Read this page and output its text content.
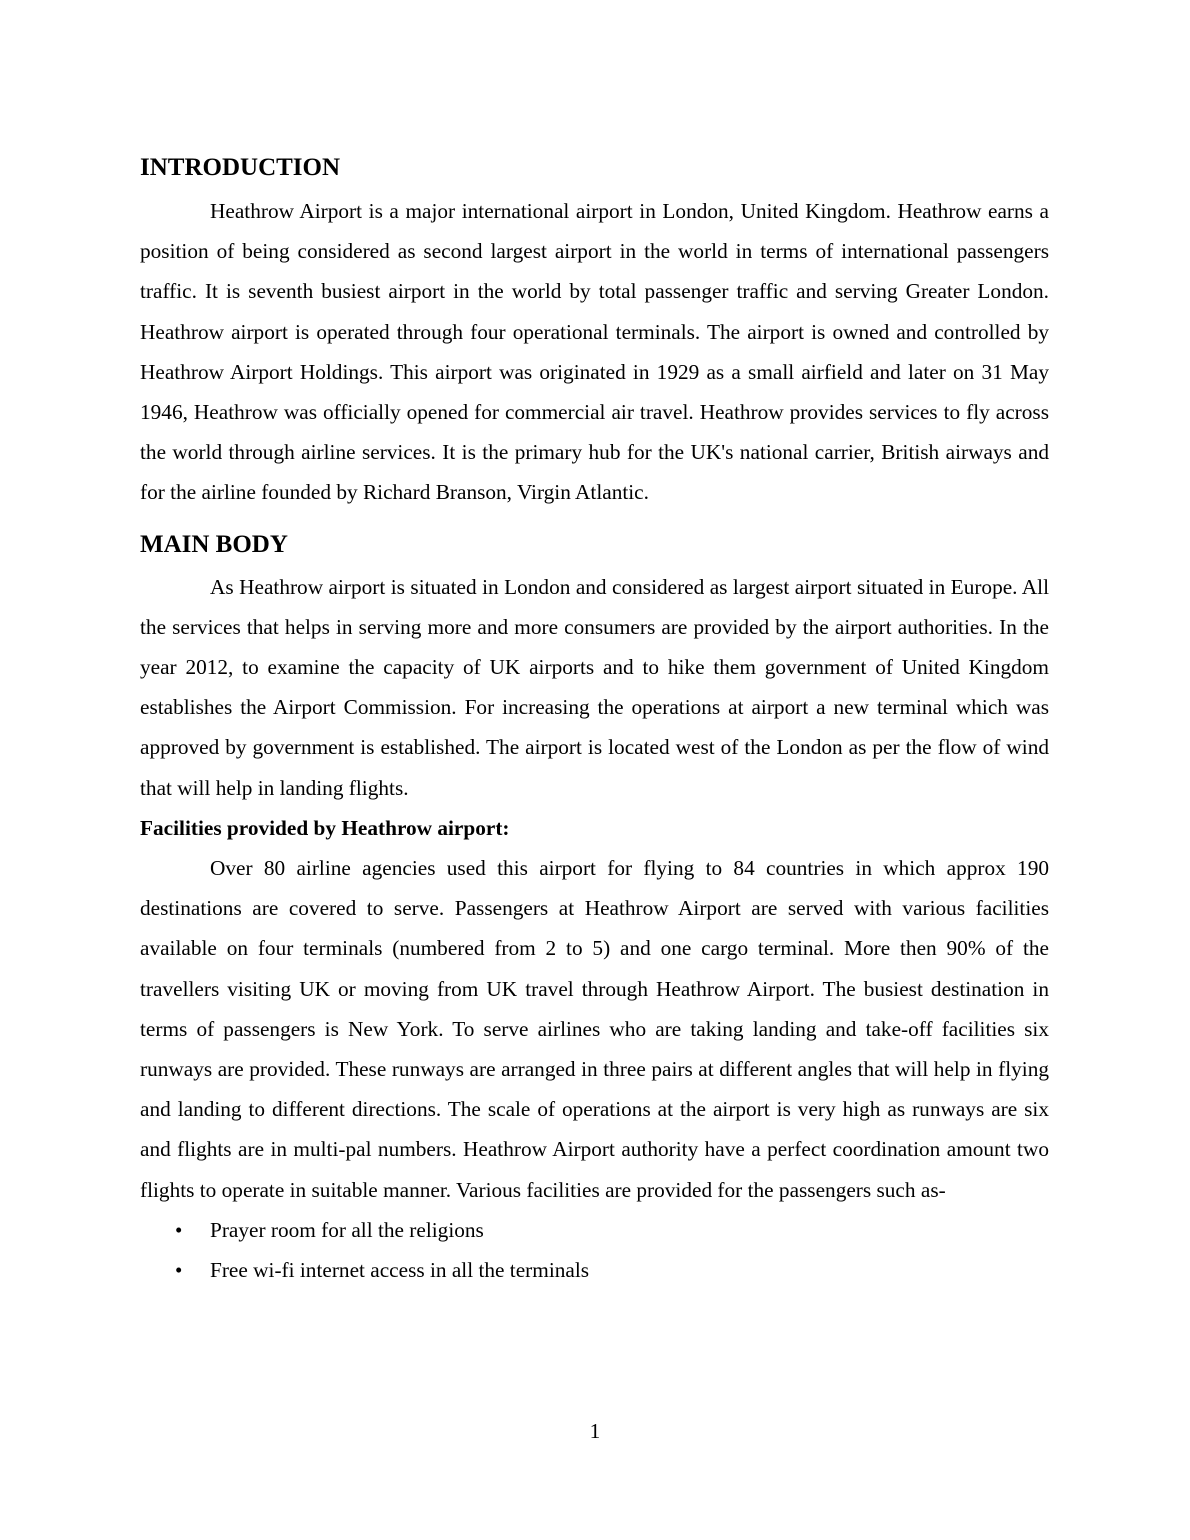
INTRODUCTION

Heathrow Airport is a major international airport in London, United Kingdom. Heathrow earns a position of being considered as second largest airport in the world in terms of international passengers traffic. It is seventh busiest airport in the world by total passenger traffic and serving Greater London. Heathrow airport is operated through four operational terminals. The airport is owned and controlled by Heathrow Airport Holdings. This airport was originated in 1929 as a small airfield and later on 31 May 1946, Heathrow was officially opened for commercial air travel. Heathrow provides services to fly across the world through airline services. It is the primary hub for the UK's national carrier, British airways and for the airline founded by Richard Branson, Virgin Atlantic.

MAIN BODY

As Heathrow airport is situated in London and considered as largest airport situated in Europe. All the services that helps in serving more and more consumers are provided by the airport authorities. In the year 2012, to examine the capacity of UK airports and to hike them government of United Kingdom establishes the Airport Commission. For increasing the operations at airport a new terminal which was approved by government is established. The airport is located west of the London as per the flow of wind that will help in landing flights.

Facilities provided by Heathrow airport:

Over 80 airline agencies used this airport for flying to 84 countries in which approx 190 destinations are covered to serve. Passengers at Heathrow Airport are served with various facilities available on four terminals (numbered from 2 to 5) and one cargo terminal. More then 90% of the travellers visiting UK or moving from UK travel through Heathrow Airport. The busiest destination in terms of passengers is New York. To serve airlines who are taking landing and take-off facilities six runways are provided. These runways are arranged in three pairs at different angles that will help in flying and landing to different directions. The scale of operations at the airport is very high as runways are six and flights are in multi-pal numbers. Heathrow Airport authority have a perfect coordination amount two flights to operate in suitable manner. Various facilities are provided for the passengers such as-

• Prayer room for all the religions
• Free wi-fi internet access in all the terminals
1
